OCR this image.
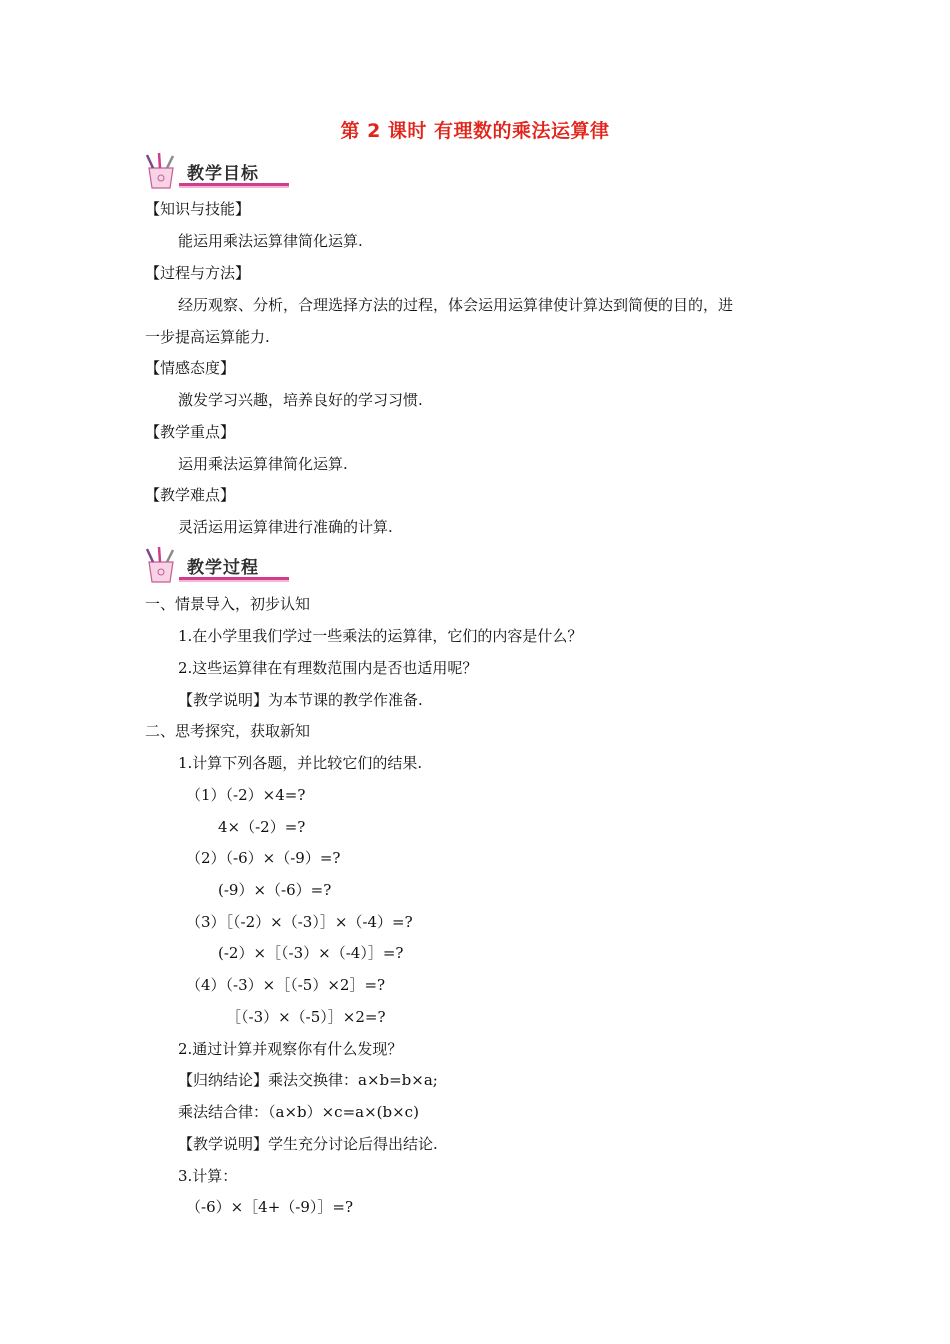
第 2 课时 有理数的乘法运算律
教学目标
【知识与技能】
能运用乘法运算律简化运算.
【过程与方法】
经历观察、分析，合理选择方法的过程，体会运用运算律使计算达到简便的目的，进
一步提高运算能力.
【情感态度】
激发学习兴趣，培养良好的学习习惯.
【教学重点】
运用乘法运算律简化运算.
【教学难点】
灵活运用运算律进行准确的计算.
教学过程
一、情景导入，初步认知
1.在小学里我们学过一些乘法的运算律，它们的内容是什么？
2.这些运算律在有理数范围内是否也适用呢？
【教学说明】为本节课的教学作准备.
二、思考探究，获取新知
1.计算下列各题，并比较它们的结果.
（1）（-2）×4=?
4×（-2）=?
（2）（-6）×（-9）=?
(-9）×（-6）=?
（3）［（-2）×（-3）］×（-4）=?
(-2）×［（-3）×（-4）］=?
（4）（-3）×［（-5）×2］=?
［（-3）×（-5）］×2=?
2.通过计算并观察你有什么发现？
【归纳结论】乘法交换律：a×b=b×a;
乘法结合律：（a×b）×c=a×(b×c)
【教学说明】学生充分讨论后得出结论.
3.计算：
（-6）×［4+（-9）］=?
